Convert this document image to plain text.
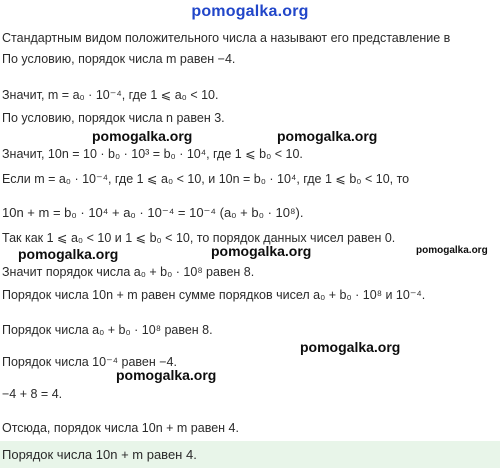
pomogalka.org
Стандартным видом положительного числа a называют его представление в
По условию, порядок числа m равен −4.
Значит, m = a₀ · 10⁻⁴, где 1 ⩽ a₀ < 10.
По условию, порядок числа n равен 3.
Значит, 10n = 10 · b₀ · 10³ = b₀ · 10⁴, где 1 ⩽ b₀ < 10.
Если m = a₀ · 10⁻⁴, где 1 ⩽ a₀ < 10, и 10n = b₀ · 10⁴, где 1 ⩽ b₀ < 10, то
10n + m = b₀ · 10⁴ + a₀ · 10⁻⁴ = 10⁻⁴ (a₀ + b₀ · 10⁸).
Так как 1 ⩽ a₀ < 10 и 1 ⩽ b₀ < 10, то порядок данных чисел равен 0.
Значит порядок числа a₀ + b₀ · 10⁸ равен 8.
Порядок числа 10n + m равен сумме порядков чисел a₀ + b₀ · 10⁸ и 10⁻⁴.
Порядок числа a₀ + b₀ · 10⁸ равен 8.
Порядок числа 10⁻⁴ равен −4.
−4 + 8 = 4.
Отсюда, порядок числа 10n + m равен 4.
Порядок числа 10n + m равен 4.
pomogalka.org	pomogalka.org
pomogalka.org	pomogalka.org	pomogalka.org
pomogalka.org
pomogalka.org
